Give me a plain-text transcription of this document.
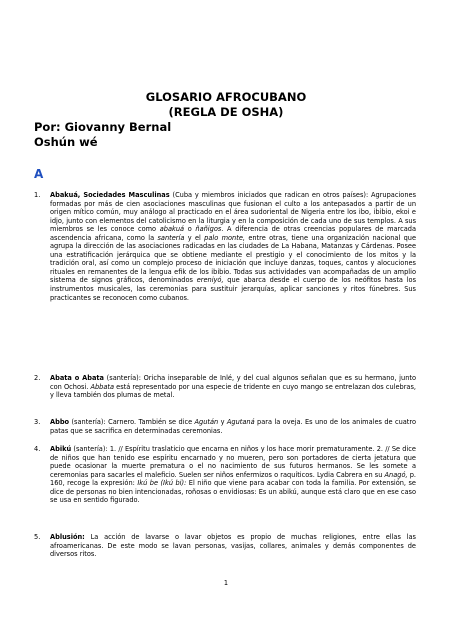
GLOSARIO AFROCUBANO
(REGLA DE OSHA)
Por: Giovanny Bernal
Oshún wé
A
1.	Abakuá, Sociedades Masculinas (Cuba y miembros iniciados que radican en otros países): Agrupaciones formadas por más de cien asociaciones masculinas que fusionan el culto a los antepasados a partir de un origen mítico común, muy análogo al practicado en el área sudoriental de Nigeria entre los ibo, ibibio, ekoi e idjo, junto con elementos del catolicismo en la liturgia y en la composición de cada uno de sus templos. A sus miembros se les conoce como abakuá o ñañigos. A diferencia de otras creencias populares de marcada ascendencia africana, como la santería y el palo monte, entre otras, tiene una organización nacional que agrupa la dirección de las asociaciones radicadas en las ciudades de La Habana, Matanzas y Cárdenas. Posee una estratificación jerárquica que se obtiene mediante el prestigio y el conocimiento de los mitos y la tradición oral, así como un complejo proceso de iniciación que incluye danzas, toques, cantos y alocuciones rituales en remanentes de la lengua efik de los ibibio. Todas sus actividades van acompañadas de un amplio sistema de signos gráficos, denominados ereniyó, que abarca desde el cuerpo de los neófitos hasta los instrumentos musicales, las ceremonias para sustituir jerarquías, aplicar sanciones y ritos fúnebres. Sus practicantes se reconocen como cubanos.
2.	Abata o Abata (santería): Oricha inseparable de Inlé, y del cual algunos señalan que es su hermano, junto con Ochosi. Abbata está representado por una especie de tridente en cuyo mango se entrelazan dos culebras, y lleva también dos plumas de metal.
3.	Abbo (santería): Carnero. También se dice Agután y Agutaná para la oveja. Es uno de los animales de cuatro patas que se sacrifica en determinadas ceremonias.
4.	Abikú (santería): 1. // Espíritu traslaticio que encarna en niños y los hace morir prematuramente. 2. // Se dice de niños que han tenido ese espíritu encarnado y no mueren, pero son portadores de cierta jetatura que puede ocasionar la muerte prematura o el no nacimiento de sus futuros hermanos. Se les somete a ceremonias para sacarles el maleficio. Suelen ser niños enfermizos o raquíticos. Lydia Cabrera en su Anagó, p. 160, recoge la expresión: Ikú be (Ikú bi): El niño que viene para acabar con toda la familia. Por extensión, se dice de personas no bien intencionadas, roñosas o envidiosas: Es un abikú, aunque está claro que en ese caso se usa en sentido figurado.
5.	Ablusión: La acción de lavarse o lavar objetos es propio de muchas religiones, entre ellas las afroamericanas. De este modo se lavan personas, vasijas, collares, animales y demás componentes de diversos ritos.
1
